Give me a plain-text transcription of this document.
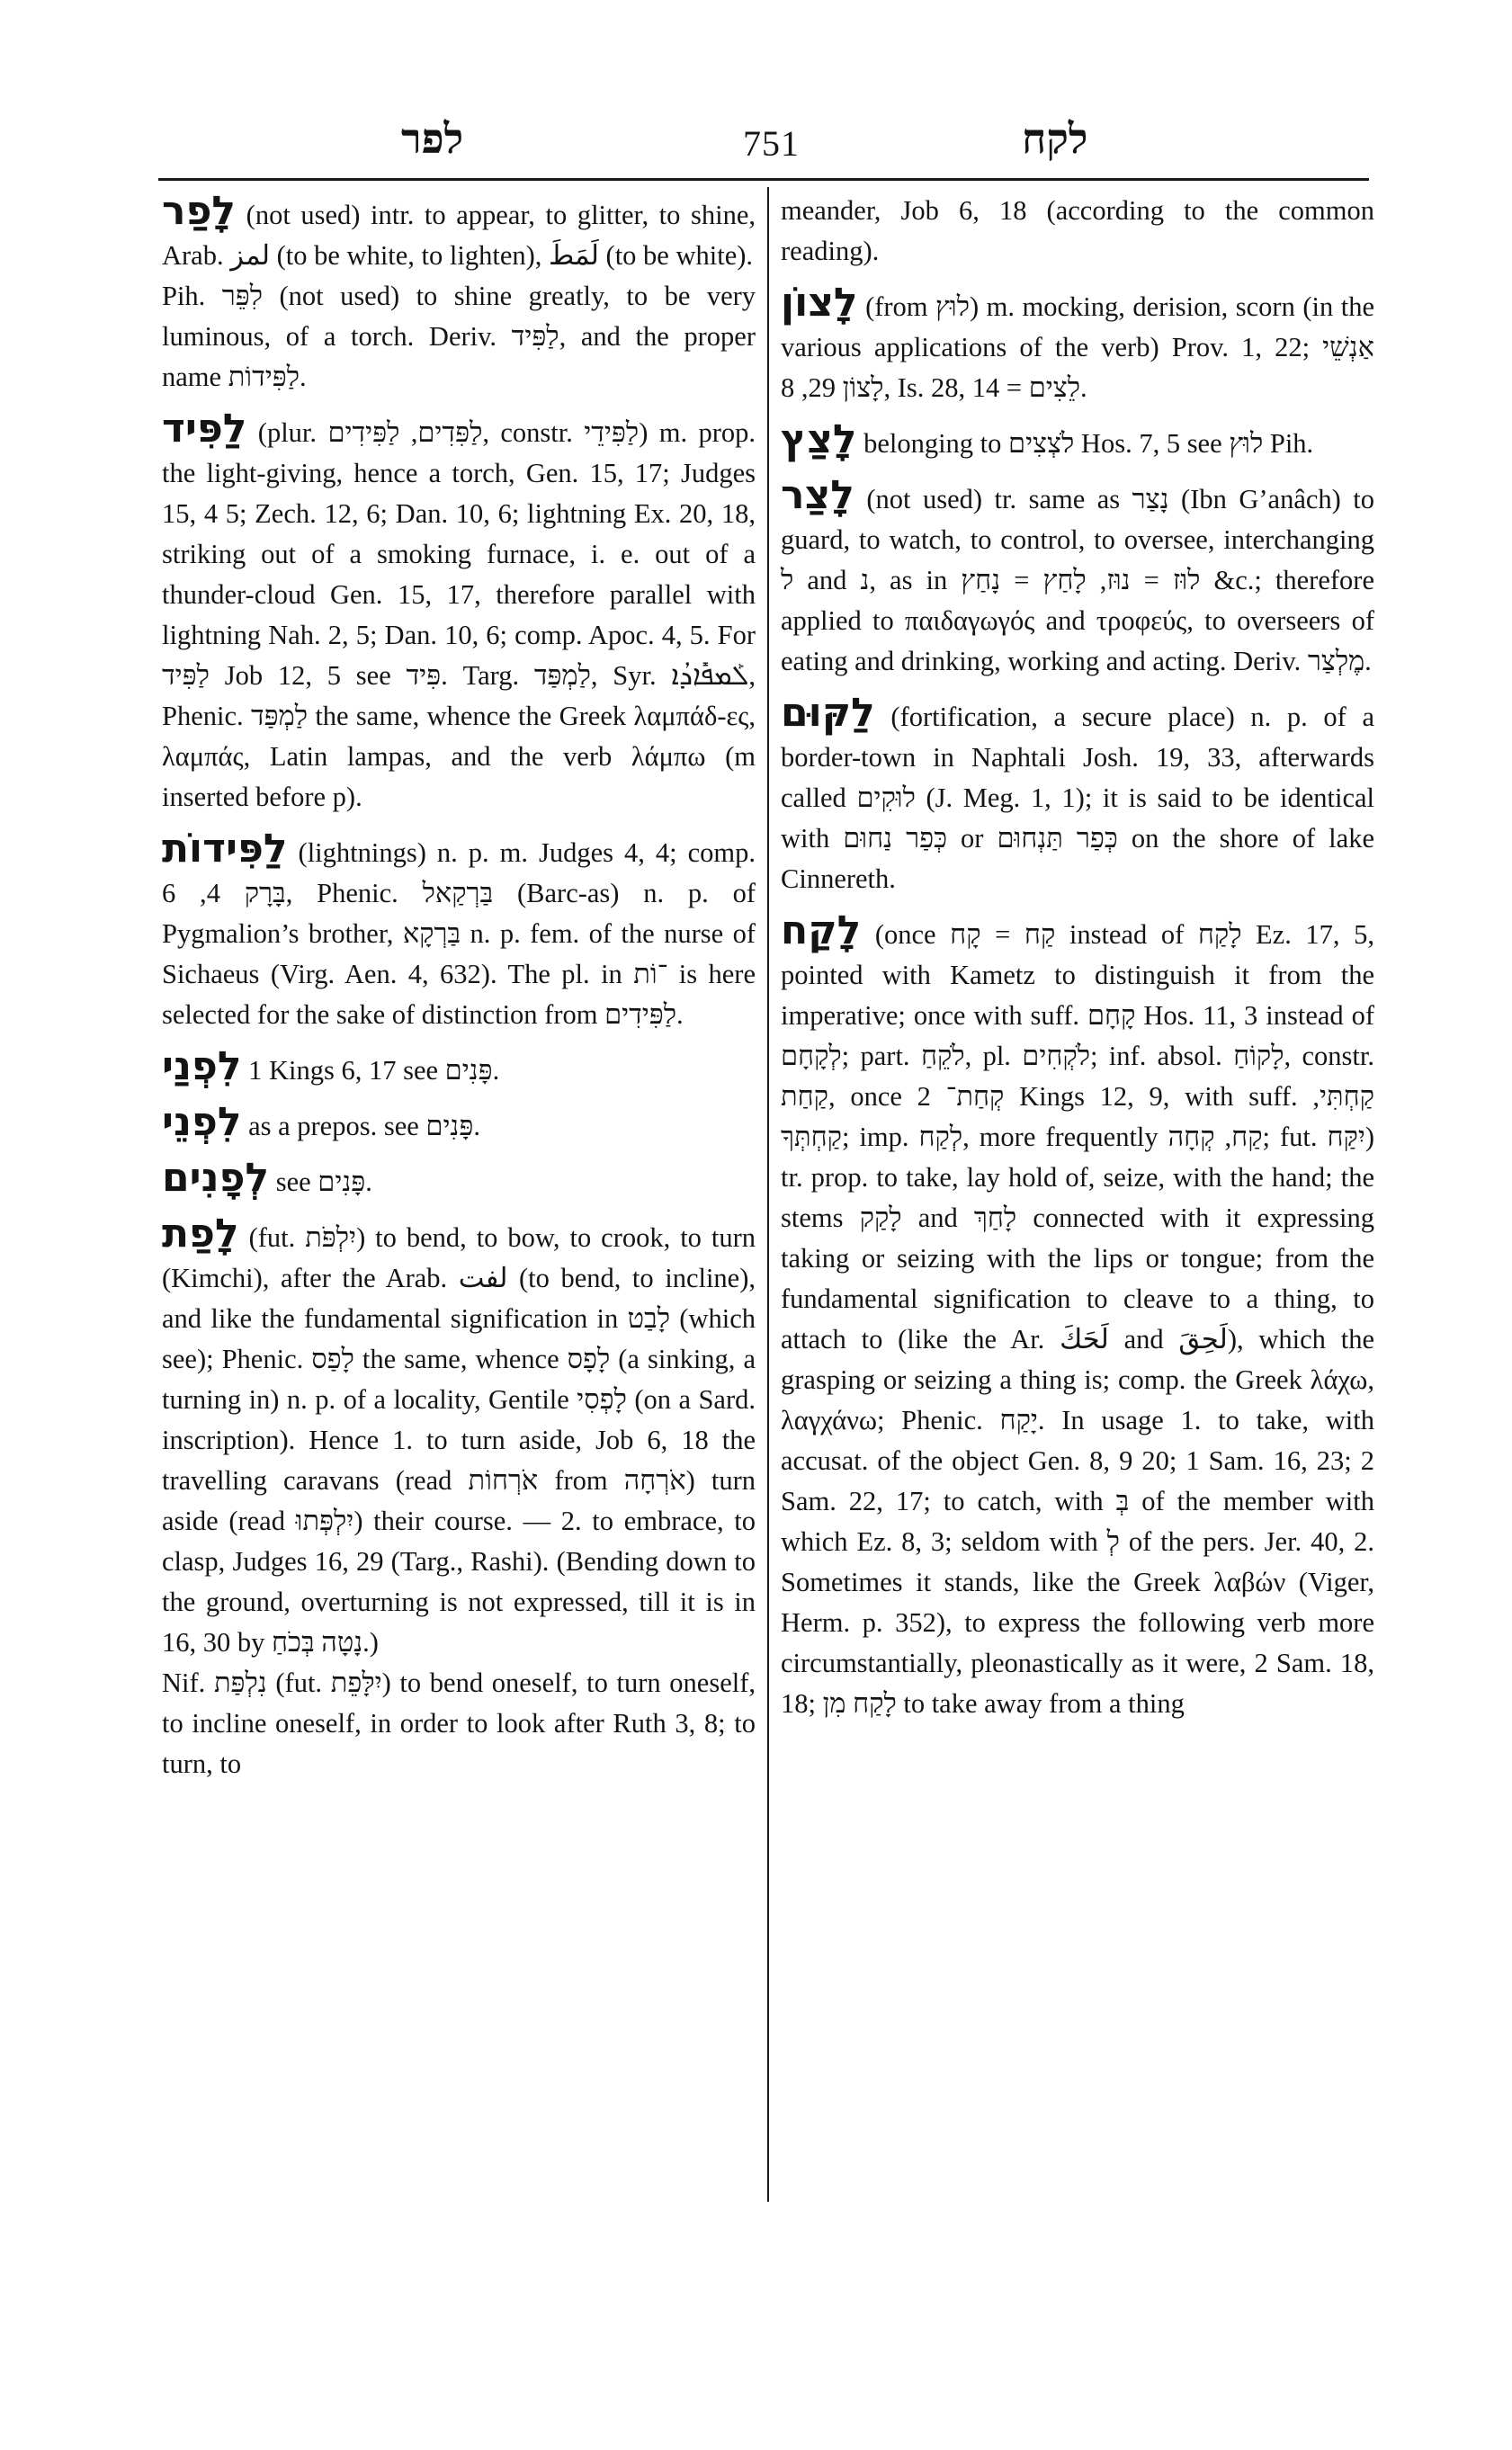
לפר	751	לקח

לָפַר (not used) intr. to appear, to glitter, to shine, Arab. لمز (to be white, to lighten), لَمَطَ (to be white).

Pih. לִפֵּר (not used) to shine greatly, to be very luminous, of a torch. Deriv. לַפִּיד, and the proper name לַפִּידוֹת.

לַפִּיד (plur. לַפִּדִים, לַפִּידִים, constr. לַפִּידֵי) m. prop. the light-giving, hence a torch, Gen. 15, 17; Judges 15, 4 5; Zech. 12, 6; Dan. 10, 6; lightning Ex. 20, 18, striking out of a smoking furnace, i. e. out of a thunder-cloud Gen. 15, 17, therefore parallel with lightning Nah. 2, 5; Dan. 10, 6; comp. Apoc. 4, 5. For לַפִּיד Job 12, 5 see פִּיד. Targ. לַמְפַּד, Syr. ܠܰܡܦܺܐܕܳܐ, Phenic. לַמְפַּד the same, whence the Greek λαμπάδ-ες, λαμπάς, Latin lampas, and the verb λάμπω (m inserted before p).

לַפִּידוֹת (lightnings) n. p. m. Judges 4, 4; comp. בָּרָק 4, 6, Phenic. בַּרְקַאל (Barc-as) n. p. of Pygmalion’s brother, בַּרְקָא n. p. fem. of the nurse of Sichaeus (Virg. Aen. 4, 632). The pl. in ־וֹת is here selected for the sake of distinction from לַפִּידִים.

לִפְנַי 1 Kings 6, 17 see פָּנִים.

לִפְנֵי as a prepos. see פָּנִים.

לְפָנִים see פָּנִים.

לָפַת (fut. יִלְפֹּת) to bend, to bow, to crook, to turn (Kimchi), after the Arab. لفت (to bend, to incline), and like the fundamental signification in לָבַט (which see); Phenic. לָפַס the same, whence לָפָס (a sinking, a turning in) n. p. of a locality, Gentile לָפְסִי (on a Sard. inscription). Hence 1. to turn aside, Job 6, 18 the travelling caravans (read אֹרְחוֹת from אֹרְחָה) turn aside (read יִלְפְּתוּ) their course. — 2. to embrace, to clasp, Judges 16, 29 (Targ., Rashi). (Bending down to the ground, overturning is not expressed, till it is in 16, 30 by נָטָה בְּכֹחַ.)

Nif. נִלְפַּת (fut. יִלָּפֵת) to bend oneself, to turn oneself, to incline oneself, in order to look after Ruth 3, 8; to turn, to

meander, Job 6, 18 (according to the common reading).

לָצוֹן (from לוּץ) m. mocking, derision, scorn (in the various applications of the verb) Prov. 1, 22; אַנְשֵׁי לָצוֹן 29, 8, Is. 28, 14 = לֵצִים.

לָצַץ belonging to לֹצְצִים Hos. 7, 5 see לוּץ Pih.

לָצַר (not used) tr. same as נָצַר (Ibn G’anâch) to guard, to watch, to control, to oversee, interchanging ל and נ, as in לוּז = נוּז, לָחַץ = נָחַץ &c.; therefore applied to παιδαγωγός and τροφεύς, to overseers of eating and drinking, working and acting. Deriv. מֶלְצַר.

לַקּוּם (fortification, a secure place) n. p. of a border-town in Naphtali Josh. 19, 33, afterwards called לוּקִים (J. Meg. 1, 1); it is said to be identical with כְּפַר נַחוּם or כְּפַר תַּנְחוּם on the shore of lake Cinnereth.

לָקַח (once קַח = קָח instead of לָקַח Ez. 17, 5, pointed with Kametz to distinguish it from the imperative; once with suff. קָחָם Hos. 11, 3 instead of לְקָחָם; part. לֹקֵחַ, pl. לֹקְחִים; inf. absol. לָקוֹחַ, constr. קַחַת, once קְחַת־ 2 Kings 12, 9, with suff. קַחְתִּי, קַחְתְּךָ; imp. לְקַח, more frequently קַח, קְחָה; fut. יִקַּח) tr. prop. to take, lay hold of, seize, with the hand; the stems לָקַק and לָחַךְ connected with it expressing taking or seizing with the lips or tongue; from the fundamental signification to cleave to a thing, to attach to (like the Ar. لَحَكَ and لَحِقَ), which the grasping or seizing a thing is; comp. the Greek λάχω, λαγχάνω; Phenic. יָקַח. In usage 1. to take, with accusat. of the object Gen. 8, 9 20; 1 Sam. 16, 23; 2 Sam. 22, 17; to catch, with בְּ of the member with which Ez. 8, 3; seldom with לְ of the pers. Jer. 40, 2. Sometimes it stands, like the Greek λαβών (Viger, Herm. p. 352), to express the following verb more circumstantially, pleonastically as it were, 2 Sam. 18, 18; לָקַח מִן to take away from a thing
